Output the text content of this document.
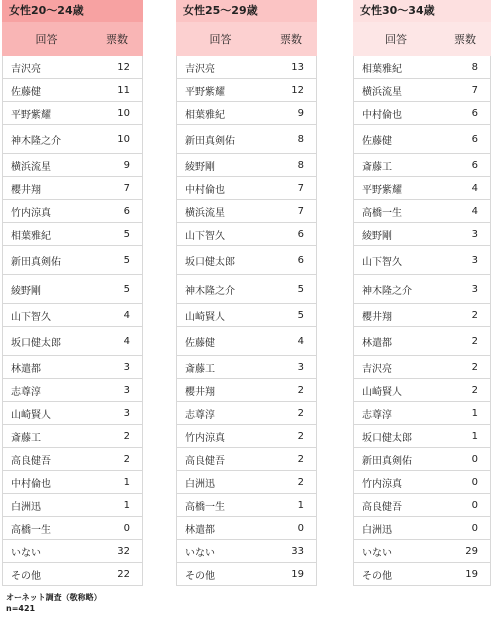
女性20〜24歳
回答	票数
吉沢亮	12
佐藤健	11
平野紫耀	10
神木隆之介	10
横浜流星	9
櫻井翔	7
竹内涼真	6
相葉雅紀	5
新田真剣佑	5
綾野剛	5
山下智久	4
坂口健太郎	4
林遣都	3
志尊淳	3
山崎賢人	3
斎藤工	2
高良健吾	2
中村倫也	1
白洲迅	1
高橋一生	0
いない	32
その他	22
女性25〜29歳
回答	票数
吉沢亮	13
平野紫耀	12
相葉雅紀	9
新田真剣佑	8
綾野剛	8
中村倫也	7
横浜流星	7
山下智久	6
坂口健太郎	6
神木隆之介	5
山崎賢人	5
佐藤健	4
斎藤工	3
櫻井翔	2
志尊淳	2
竹内涼真	2
高良健吾	2
白洲迅	2
高橋一生	1
林遣都	0
いない	33
その他	19
女性30〜34歳
回答	票数
相葉雅紀	8
横浜流星	7
中村倫也	6
佐藤健	6
斎藤工	6
平野紫耀	4
高橋一生	4
綾野剛	3
山下智久	3
神木隆之介	3
櫻井翔	2
林遣都	2
吉沢亮	2
山崎賢人	2
志尊淳	1
坂口健太郎	1
新田真剣佑	0
竹内涼真	0
高良健吾	0
白洲迅	0
いない	29
その他	19
オーネット調査（敬称略）
n=421
